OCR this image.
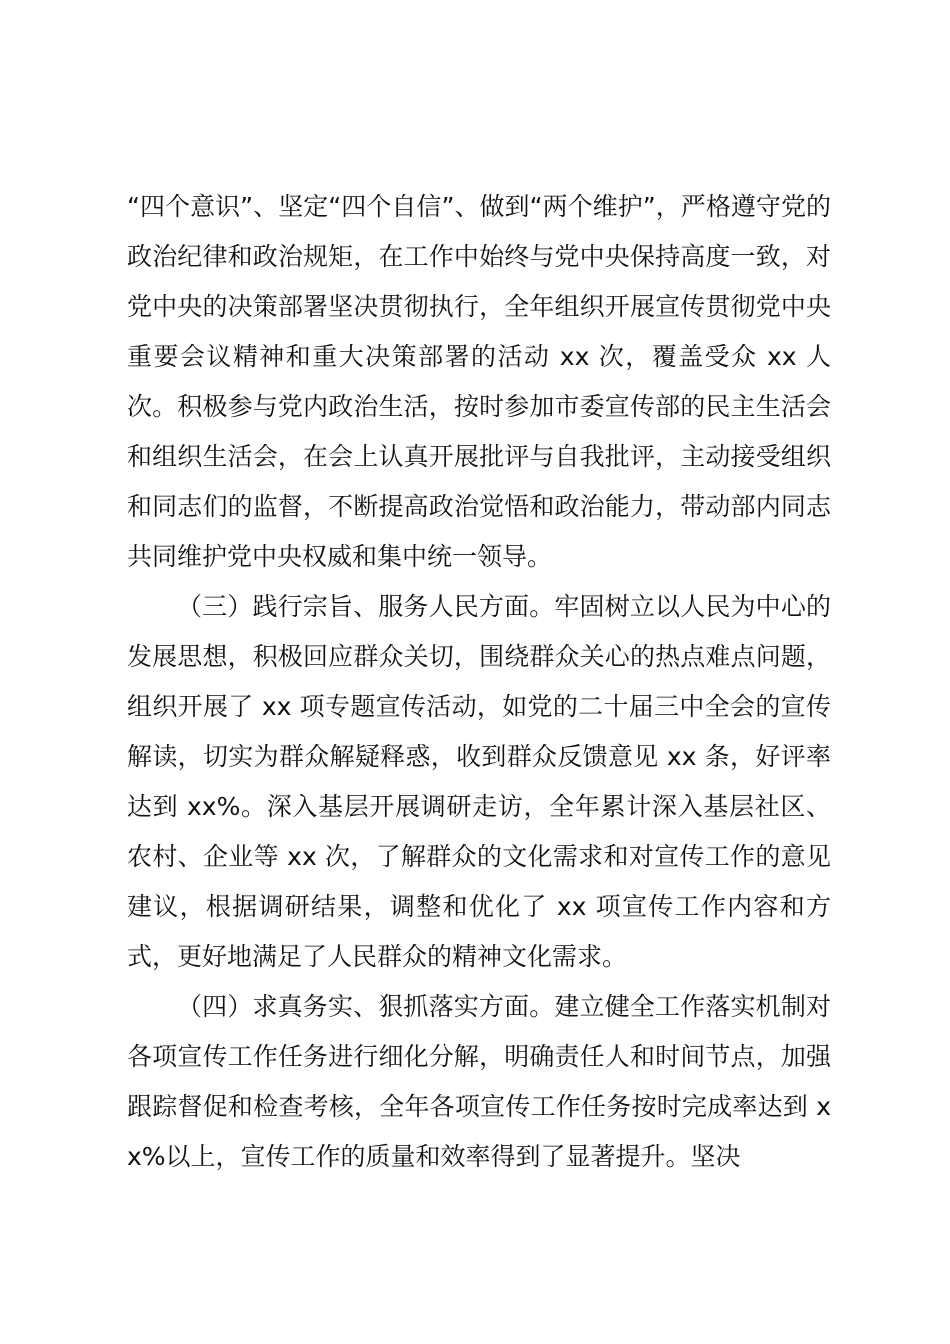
“四个意识”、坚定“四个自信”、做到“两个维护”，严格遵守党的政治纪律和政治规矩，在工作中始终与党中央保持高度一致，对党中央的决策部署坚决贯彻执行，全年组织开展宣传贯彻党中央重要会议精神和重大决策部署的活动 xx 次，覆盖受众 xx 人次。积极参与党内政治生活，按时参加市委宣传部的民主生活会和组织生活会，在会上认真开展批评与自我批评，主动接受组织和同志们的监督，不断提高政治觉悟和政治能力，带动部内同志共同维护党中央权威和集中统一领导。

（三）践行宗旨、服务人民方面。牢固树立以人民为中心的发展思想，积极回应群众关切，围绕群众关心的热点难点问题，组织开展了 xx 项专题宣传活动，如党的二十届三中全会的宣传解读，切实为群众解疑释惑，收到群众反馈意见 xx 条，好评率达到 xx%。深入基层开展调研走访，全年累计深入基层社区、农村、企业等 xx 次，了解群众的文化需求和对宣传工作的意见建议，根据调研结果，调整和优化了 xx 项宣传工作内容和方式，更好地满足了人民群众的精神文化需求。

（四）求真务实、狠抓落实方面。建立健全工作落实机制对各项宣传工作任务进行细化分解，明确责任人和时间节点，加强跟踪督促和检查考核，全年各项宣传工作任务按时完成率达到 xx%以上，宣传工作的质量和效率得到了显著提升。坚决
